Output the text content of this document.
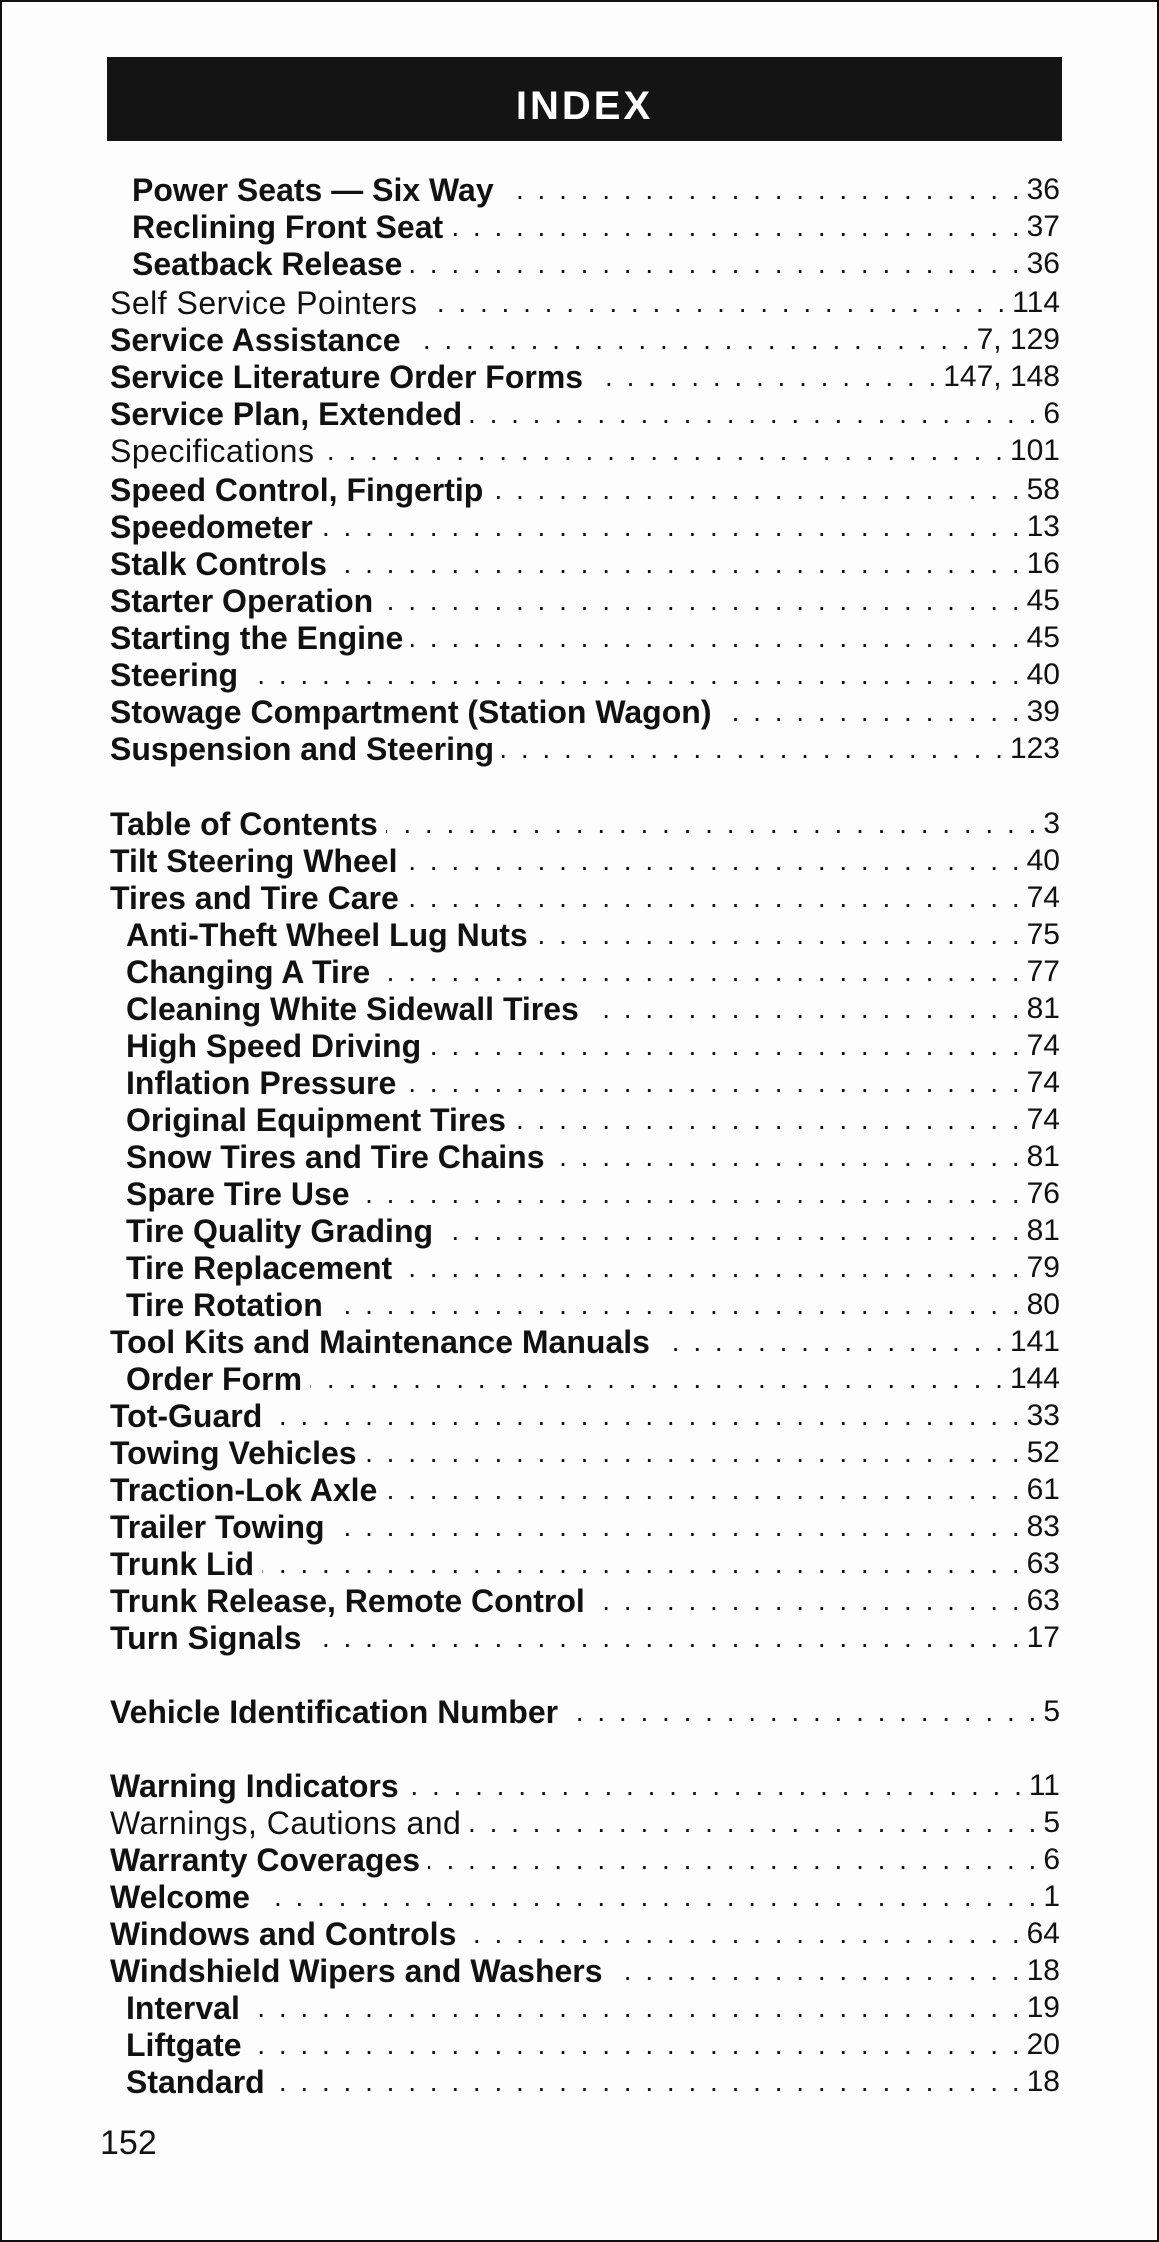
INDEX
Power Seats — Six Way . . .	36
Reclining Front Seat . . .	37
Seatback Release . . .	36
Self Service Pointers . . .	114
Service Assistance . . .	7, 129
Service Literature Order Forms . . .	147, 148
Service Plan, Extended . . .	6
Specifications . . .	101
Speed Control, Fingertip . . .	58
Speedometer . . .	13
Stalk Controls . . .	16
Starter Operation . . .	45
Starting the Engine . . .	45
Steering . . .	40
Stowage Compartment (Station Wagon) . . .	39
Suspension and Steering . . .	123
Table of Contents . . .	3
Tilt Steering Wheel . . .	40
Tires and Tire Care . . .	74
Anti-Theft Wheel Lug Nuts . . .	75
Changing A Tire . . .	77
Cleaning White Sidewall Tires . . .	81
High Speed Driving . . .	74
Inflation Pressure . . .	74
Original Equipment Tires . . .	74
Snow Tires and Tire Chains . . .	81
Spare Tire Use . . .	76
Tire Quality Grading . . .	81
Tire Replacement . . .	79
Tire Rotation . . .	80
Tool Kits and Maintenance Manuals . . .	141
Order Form . . .	144
Tot-Guard . . .	33
Towing Vehicles . . .	52
Traction-Lok Axle . . .	61
Trailer Towing . . .	83
Trunk Lid . . .	63
Trunk Release, Remote Control . . .	63
Turn Signals . . .	17
Vehicle Identification Number . . .	5
Warning Indicators . . .	11
Warnings, Cautions and . . .	5
Warranty Coverages . . .	6
Welcome . . .	1
Windows and Controls . . .	64
Windshield Wipers and Washers . . .	18
Interval . . .	19
Liftgate . . .	20
Standard . . .	18
152
